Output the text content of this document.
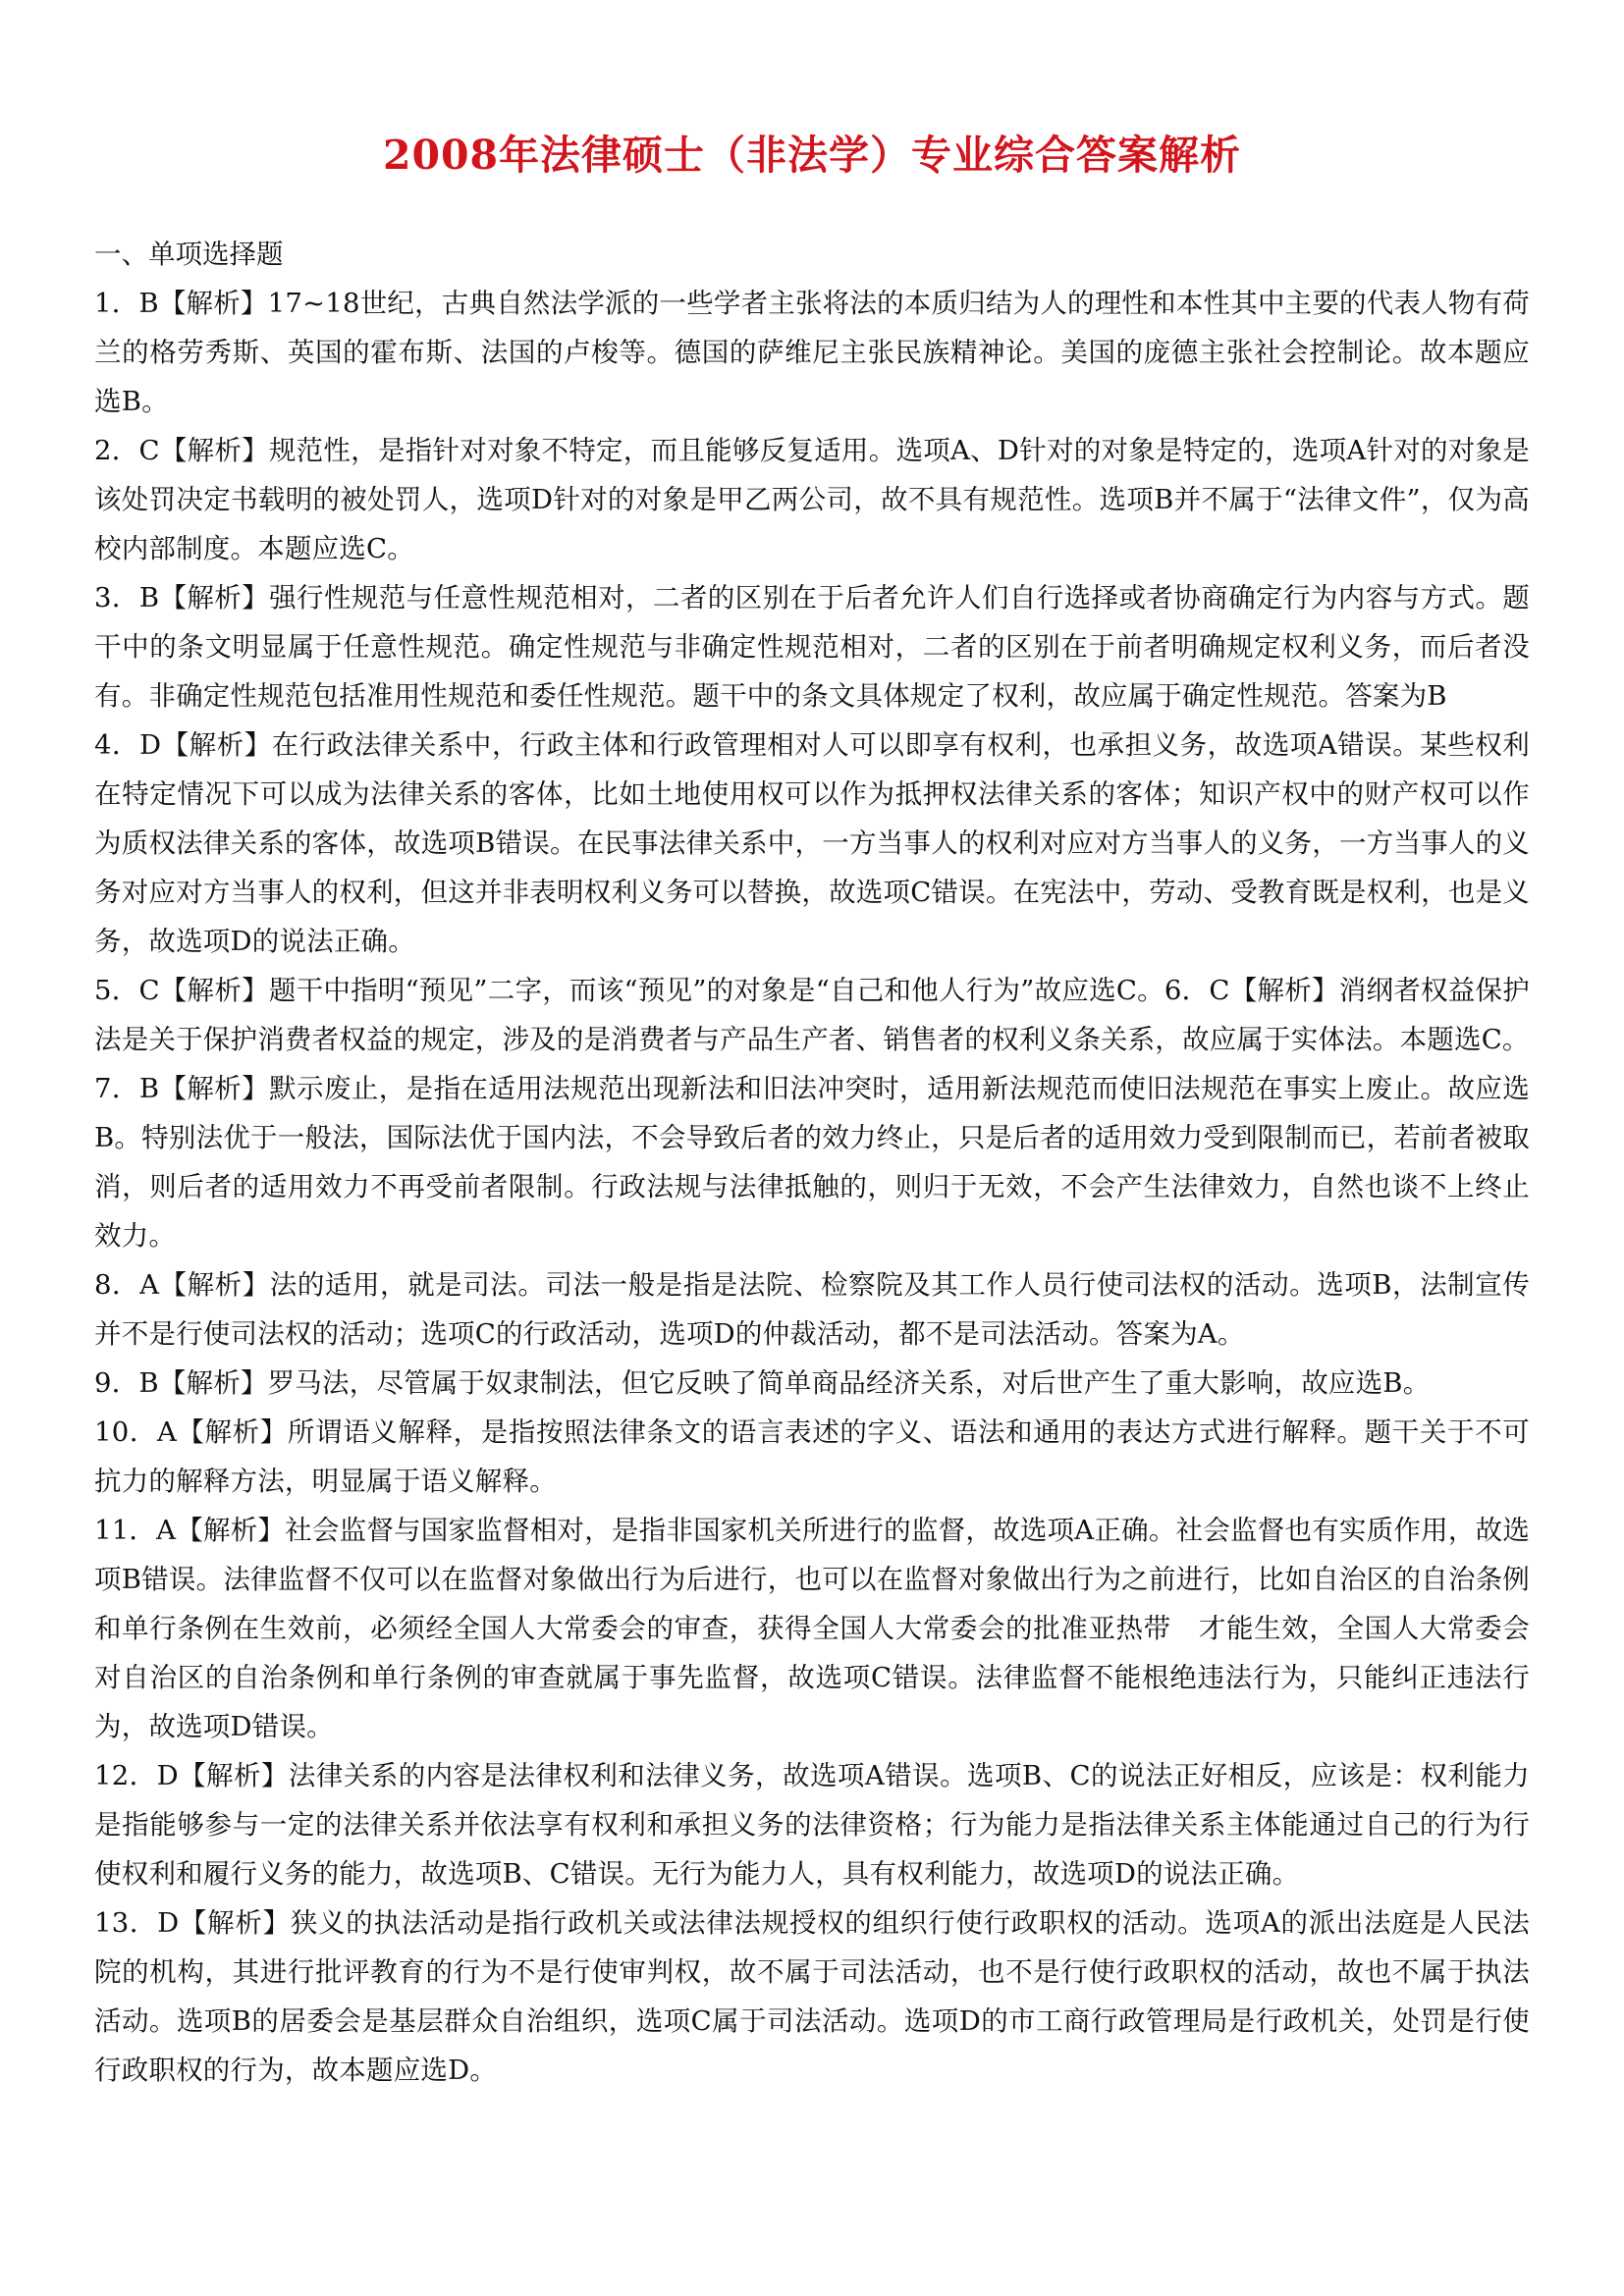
2008年法律硕士（非法学）专业综合答案解析

一、单项选择题

1．B【解析】17~18世纪，古典自然法学派的一些学者主张将法的本质归结为人的理性和本性其中主要的代表人物有荷兰的格劳秀斯、英国的霍布斯、法国的卢梭等。德国的萨维尼主张民族精神论。美国的庞德主张社会控制论。故本题应选B。

2．C【解析】规范性，是指针对对象不特定，而且能够反复适用。选项A、D针对的对象是特定的，选项A针对的对象是该处罚决定书载明的被处罚人，选项D针对的对象是甲乙两公司，故不具有规范性。选项B并不属于“法律文件”，仅为高校内部制度。本题应选C。

3．B【解析】强行性规范与任意性规范相对，二者的区别在于后者允许人们自行选择或者协商确定行为内容与方式。题干中的条文明显属于任意性规范。确定性规范与非确定性规范相对，二者的区别在于前者明确规定权利义务，而后者没有。非确定性规范包括准用性规范和委任性规范。题干中的条文具体规定了权利，故应属于确定性规范。答案为B

4．D【解析】在行政法律关系中，行政主体和行政管理相对人可以即享有权利，也承担义务，故选项A错误。某些权利在特定情况下可以成为法律关系的客体，比如土地使用权可以作为抵押权法律关系的客体；知识产权中的财产权可以作为质权法律关系的客体，故选项B错误。在民事法律关系中，一方当事人的权利对应对方当事人的义务，一方当事人的义务对应对方当事人的权利，但这并非表明权利义务可以替换，故选项C错误。在宪法中，劳动、受教育既是权利，也是义务，故选项D的说法正确。

5．C【解析】题干中指明“预见”二字，而该“预见”的对象是“自己和他人行为”故应选C。6．C【解析】消纲者权益保护法是关于保护消费者权益的规定，涉及的是消费者与产品生产者、销售者的权利义条关系，故应属于实体法。本题选C。

7．B【解析】默示废止，是指在适用法规范出现新法和旧法冲突时，适用新法规范而使旧法规范在事实上废止。故应选B。特别法优于一般法，国际法优于国内法，不会导致后者的效力终止，只是后者的适用效力受到限制而已，若前者被取消，则后者的适用效力不再受前者限制。行政法规与法律抵触的，则归于无效，不会产生法律效力，自然也谈不上终止效力。

8．A【解析】法的适用，就是司法。司法一般是指是法院、检察院及其工作人员行使司法权的活动。选项B，法制宣传并不是行使司法权的活动；选项C的行政活动，选项D的仲裁活动，都不是司法活动。答案为A。

9．B【解析】罗马法，尽管属于奴隶制法，但它反映了简单商品经济关系，对后世产生了重大影响，故应选B。

10．A【解析】所谓语义解释，是指按照法律条文的语言表述的字义、语法和通用的表达方式进行解释。题干关于不可抗力的解释方法，明显属于语义解释。

11．A【解析】社会监督与国家监督相对，是指非国家机关所进行的监督，故选项A正确。社会监督也有实质作用，故选项B错误。法律监督不仅可以在监督对象做出行为后进行，也可以在监督对象做出行为之前进行，比如自治区的自治条例和单行条例在生效前，必须经全国人大常委会的审查，获得全国人大常委会的批准亚热带　才能生效，全国人大常委会对自治区的自治条例和单行条例的审查就属于事先监督，故选项C错误。法律监督不能根绝违法行为，只能纠正违法行为，故选项D错误。

12．D【解析】法律关系的内容是法律权利和法律义务，故选项A错误。选项B、C的说法正好相反，应该是：权利能力是指能够参与一定的法律关系并依法享有权利和承担义务的法律资格；行为能力是指法律关系主体能通过自己的行为行使权利和履行义务的能力，故选项B、C错误。无行为能力人，具有权利能力，故选项D的说法正确。

13．D【解析】狭义的执法活动是指行政机关或法律法规授权的组织行使行政职权的活动。选项A的派出法庭是人民法院的机构，其进行批评教育的行为不是行使审判权，故不属于司法活动，也不是行使行政职权的活动，故也不属于执法活动。选项B的居委会是基层群众自治组织，选项C属于司法活动。选项D的市工商行政管理局是行政机关，处罚是行使行政职权的行为，故本题应选D。
